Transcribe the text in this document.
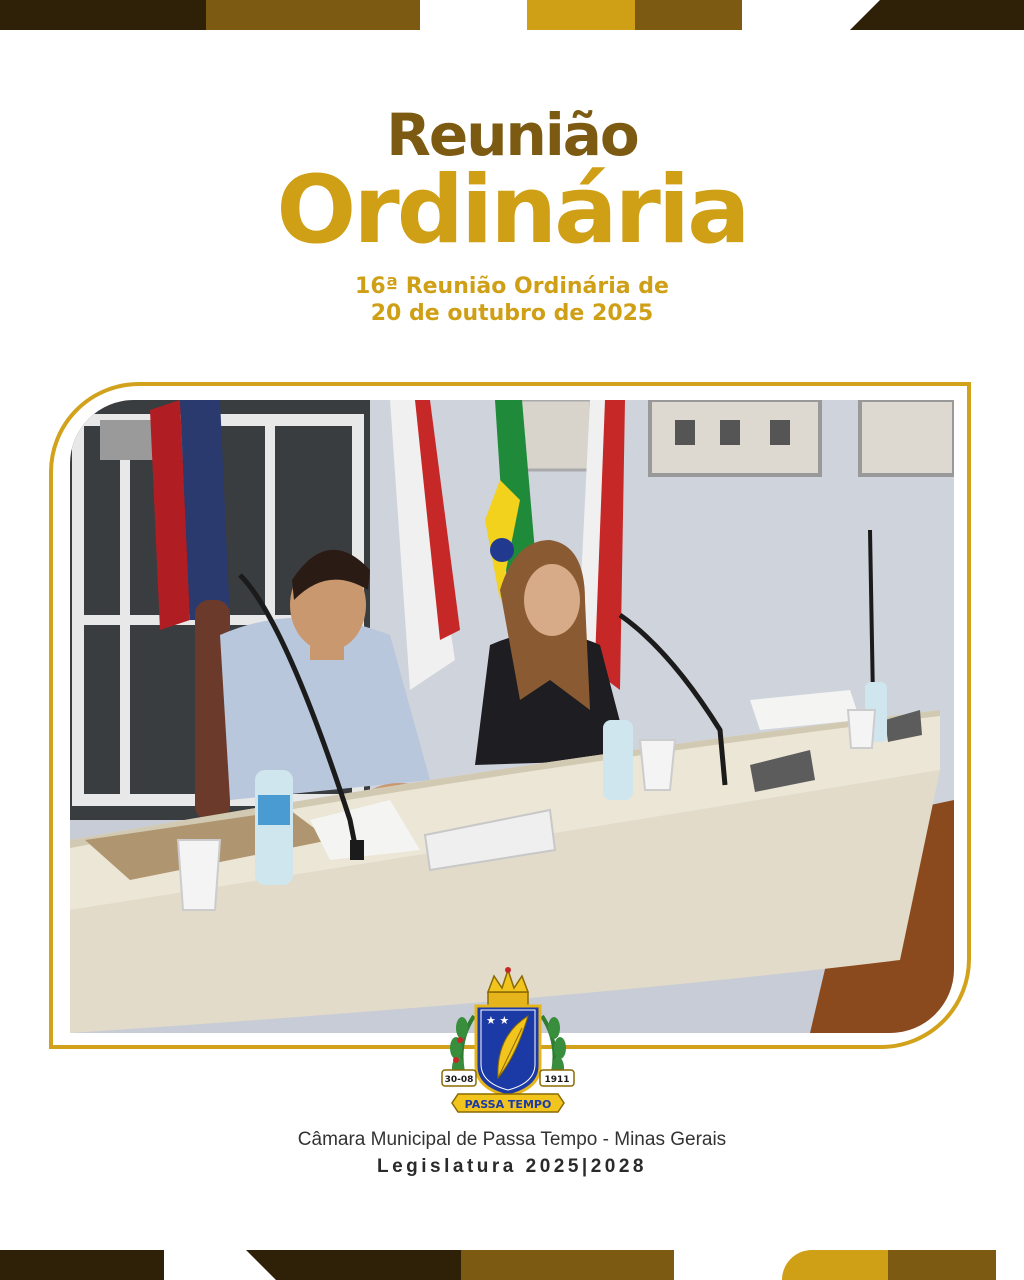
Reunião
Ordinária
16ª Reunião Ordinária de
20 de outubro de 2025
★ ★
30-08	1911
PASSA TEMPO
Câmara Municipal de Passa Tempo - Minas Gerais
Legislatura 2025|2028
